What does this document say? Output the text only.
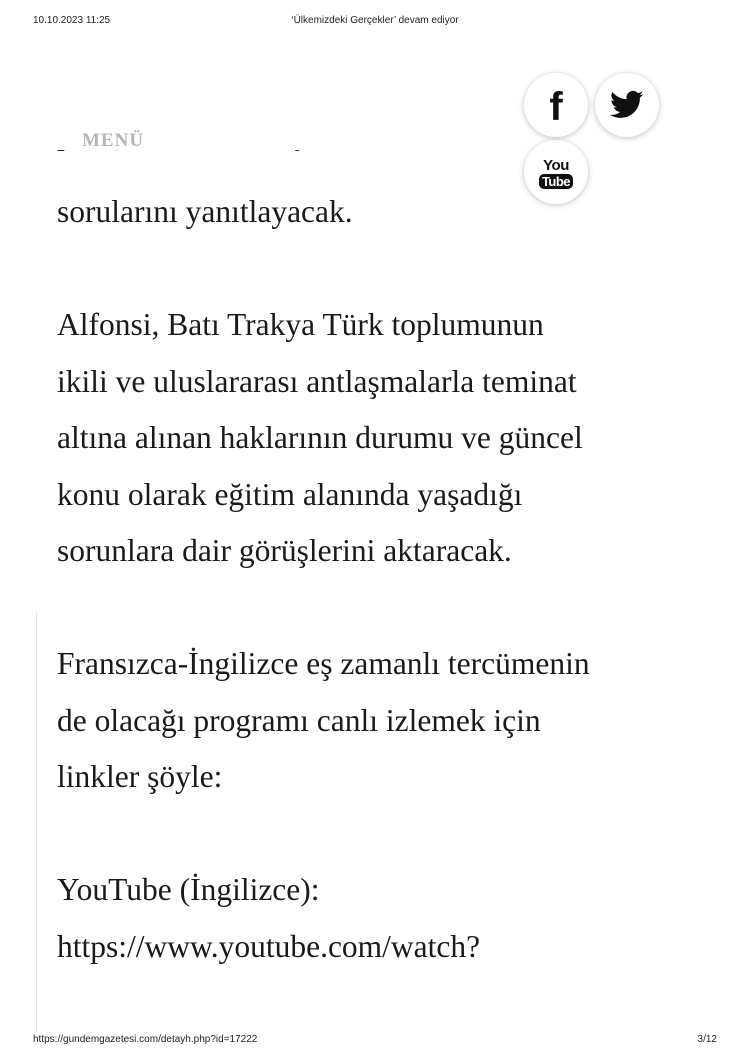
10.10.2023 11:25	‘Ülkemizdeki Gerçekler’ devam ediyor

sorularını yanıtlayacak.

Alfonsi, Batı Trakya Türk toplumunun
ikili ve uluslararası antlaşmalarla teminat
altına alınan haklarının durumu ve güncel
konu olarak eğitim alanında yaşadığı
sorunlara dair görüşlerini aktaracak.

Fransızca-İngilizce eş zamanlı tercümenin
de olacağı programı canlı izlemek için
linkler şöyle:

YouTube (İngilizce):
https://www.youtube.com/watch?

MENÜ
f
You
Tube
https://gundemgazetesi.com/detayh.php?id=17222	3/12
